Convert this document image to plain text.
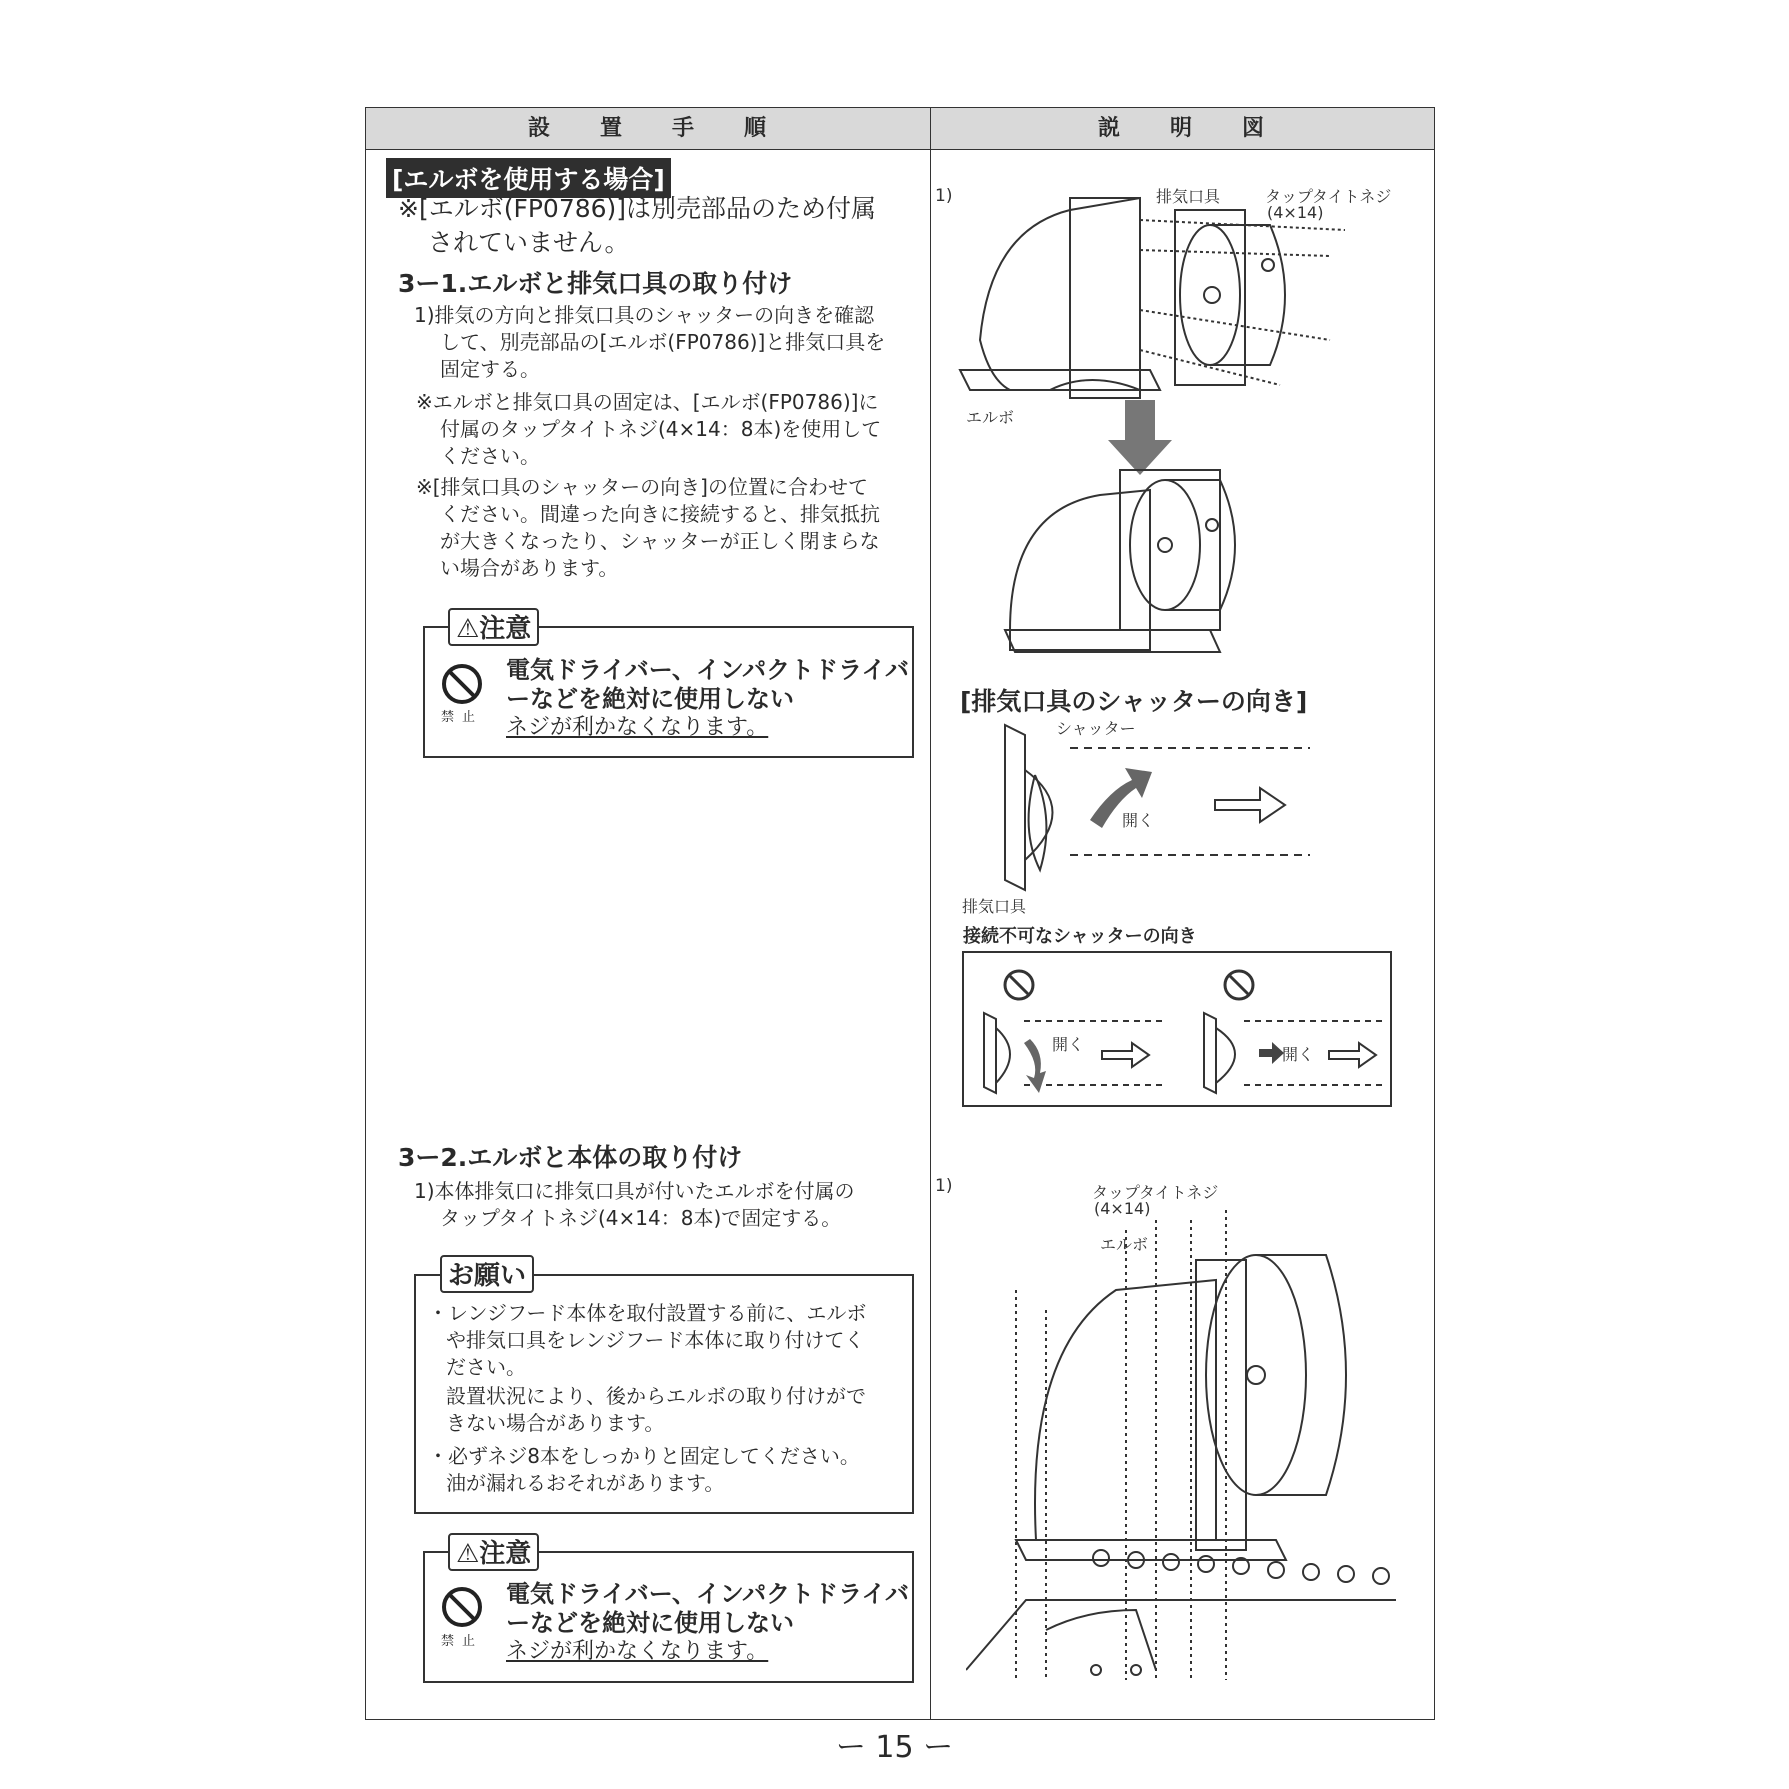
設　　置　　手　　順	説　　明　　図
[エルボを使用する場合]
※[エルボ(FP0786)]は別売部品のため付属
されていません。
3ー1.エルボと排気口具の取り付け
1)排気の方向と排気口具のシャッターの向きを確認
して、別売部品の[エルボ(FP0786)]と排気口具を
固定する。
※エルボと排気口具の固定は、[エルボ(FP0786)]に
付属のタップタイトネジ(4×14：8本)を使用して
ください。
※[排気口具のシャッターの向き]の位置に合わせて
ください。間違った向きに接続すると、排気抵抗
が大きくなったり、シャッターが正しく閉まらな
い場合があります。
⚠注意
禁止
電気ドライバー、インパクトドライバ
ーなどを絶対に使用しない
ネジが利かなくなります。
3ー2.エルボと本体の取り付け
1)本体排気口に排気口具が付いたエルボを付属の
タップタイトネジ(4×14：8本)で固定する。
お願い
・レンジフード本体を取付設置する前に、エルボ
や排気口具をレンジフード本体に取り付けてく
ださい。
設置状況により、後からエルボの取り付けがで
きない場合があります。
・必ずネジ8本をしっかりと固定してください。
油が漏れるおそれがあります。
⚠注意
禁止
電気ドライバー、インパクトドライバ
ーなどを絶対に使用しない
ネジが利かなくなります。
1)	排気口具	タップタイトネジ
(4×14)
エルボ
[排気口具のシャッターの向き]
シャッター
開く
排気口具
接続不可なシャッターの向き
開く
開く
1)	タップタイトネジ
(4×14)
エルボ
ー 15 ー
